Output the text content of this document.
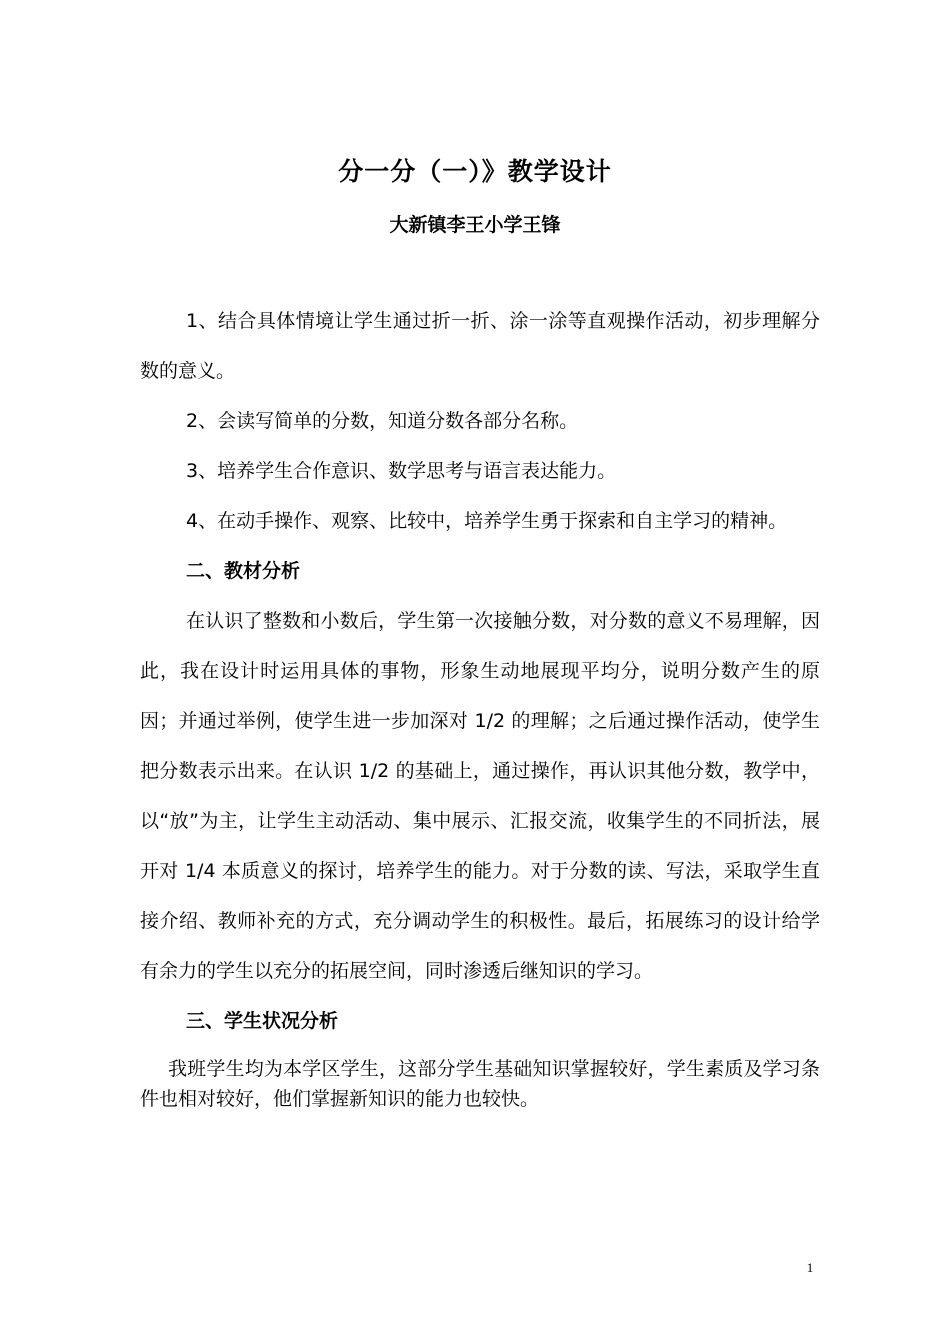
分一分（一）》教学设计
大新镇李王小学王锋

1、结合具体情境让学生通过折一折、涂一涂等直观操作活动，初步理解分数的意义。

2、会读写简单的分数，知道分数各部分名称。

3、培养学生合作意识、数学思考与语言表达能力。

4、在动手操作、观察、比较中，培养学生勇于探索和自主学习的精神。

二、教材分析

在认识了整数和小数后，学生第一次接触分数，对分数的意义不易理解，因此，我在设计时运用具体的事物，形象生动地展现平均分，说明分数产生的原因；并通过举例，使学生进一步加深对 1/2 的理解；之后通过操作活动，使学生把分数表示出来。在认识 1/2 的基础上，通过操作，再认识其他分数，教学中，以“放”为主，让学生主动活动、集中展示、汇报交流，收集学生的不同折法，展开对 1/4 本质意义的探讨，培养学生的能力。对于分数的读、写法，采取学生直接介绍、教师补充的方式，充分调动学生的积极性。最后，拓展练习的设计给学有余力的学生以充分的拓展空间，同时渗透后继知识的学习。

三、学生状况分析

我班学生均为本学区学生，这部分学生基础知识掌握较好，学生素质及学习条件也相对较好，他们掌握新知识的能力也较快。

1
